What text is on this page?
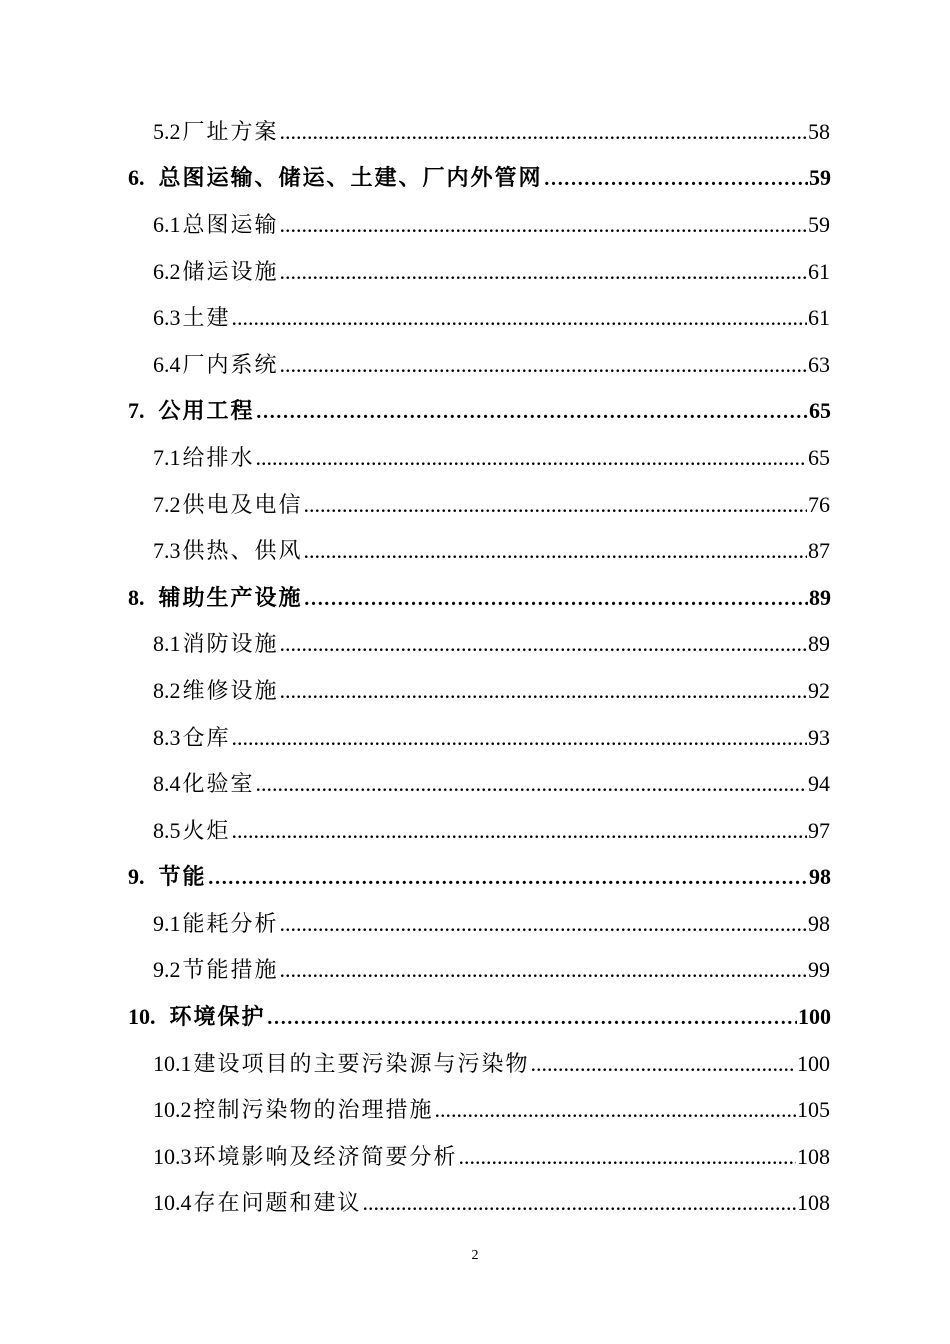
5.2 厂址方案 .....	58
6. 总图运输、储运、土建、厂内外管网 …………………………………………………………………………………………………………………………………	59
6.1 总图运输 .....	59
6.2 储运设施 .....	61
6.3 土建 .....	61
6.4 厂内系统 .....	63
7. 公用工程 …………………………………………………………………………………………………………………………………	65
7.1 给排水 .....	65
7.2 供电及电信 .....	76
7.3 供热、供风 .....	87
8. 辅助生产设施 …………………………………………………………………………………………………………………………………	89
8.1 消防设施 .....	89
8.2 维修设施 .....	92
8.3 仓库 .....	93
8.4 化验室 .....	94
8.5 火炬 .....	97
9. 节能 …………………………………………………………………………………………………………………………………	98
9.1 能耗分析 .....	98
9.2 节能措施 .....	99
10. 环境保护 …………………………………………………………………………………………………………………………………	100
10.1 建设项目的主要污染源与污染物 .....	100
10.2 控制污染物的治理措施 .....	105
10.3 环境影响及经济简要分析 .....	108
10.4 存在问题和建议 .....	108
2
